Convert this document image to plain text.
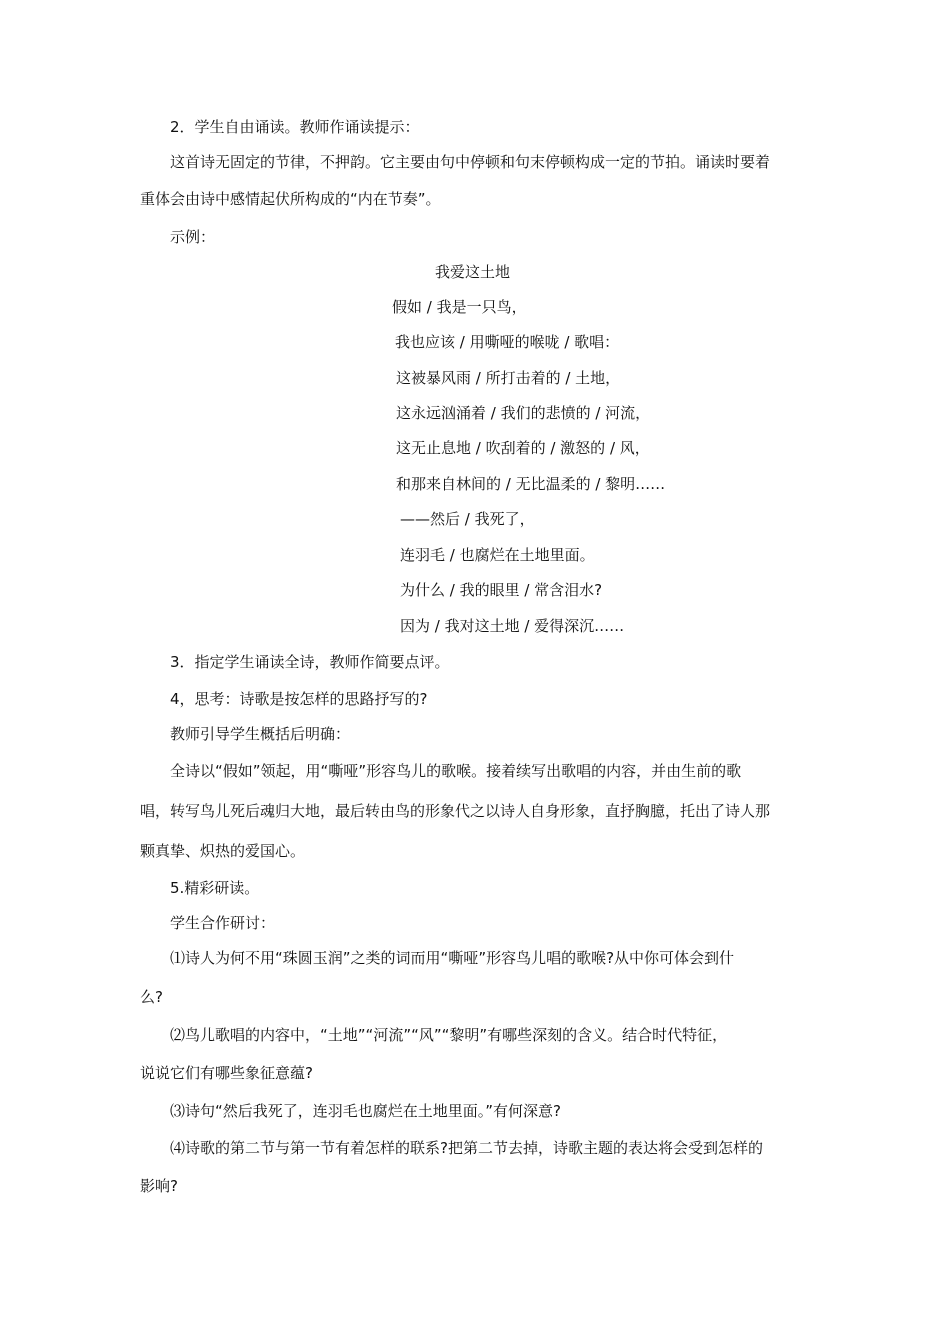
2．学生自由诵读。教师作诵读提示：
这首诗无固定的节律，不押韵。它主要由句中停顿和句末停顿构成一定的节拍。诵读时要着
重体会由诗中感情起伏所构成的“内在节奏”。
示例：
我爱这土地
假如 / 我是一只鸟，
我也应该 / 用嘶哑的喉咙 / 歌唱：
这被暴风雨 / 所打击着的 / 土地，
这永远汹涌着 / 我们的悲愤的 / 河流，
这无止息地 / 吹刮着的 / 激怒的 / 风，
和那来自林间的 / 无比温柔的 / 黎明……
——然后 / 我死了，
连羽毛 / 也腐烂在土地里面。
为什么 / 我的眼里 / 常含泪水?
因为 / 我对这土地 / 爱得深沉……
3．指定学生诵读全诗，教师作简要点评。
4，思考：诗歌是按怎样的思路抒写的?
教师引导学生概括后明确：
全诗以“假如”领起，用“嘶哑”形容鸟儿的歌喉。接着续写出歌唱的内容，并由生前的歌
唱，转写鸟儿死后魂归大地，最后转由鸟的形象代之以诗人自身形象，直抒胸臆，托出了诗人那
颗真挚、炽热的爱国心。
5.精彩研读。
学生合作研讨：
⑴诗人为何不用“珠圆玉润”之类的词而用“嘶哑”形容鸟儿唱的歌喉?从中你可体会到什
么?
⑵鸟儿歌唱的内容中，“土地”“河流”“风”“黎明”有哪些深刻的含义。结合时代特征，
说说它们有哪些象征意蕴?
⑶诗句“然后我死了，连羽毛也腐烂在土地里面。”有何深意?
⑷诗歌的第二节与第一节有着怎样的联系?把第二节去掉，诗歌主题的表达将会受到怎样的
影响?
